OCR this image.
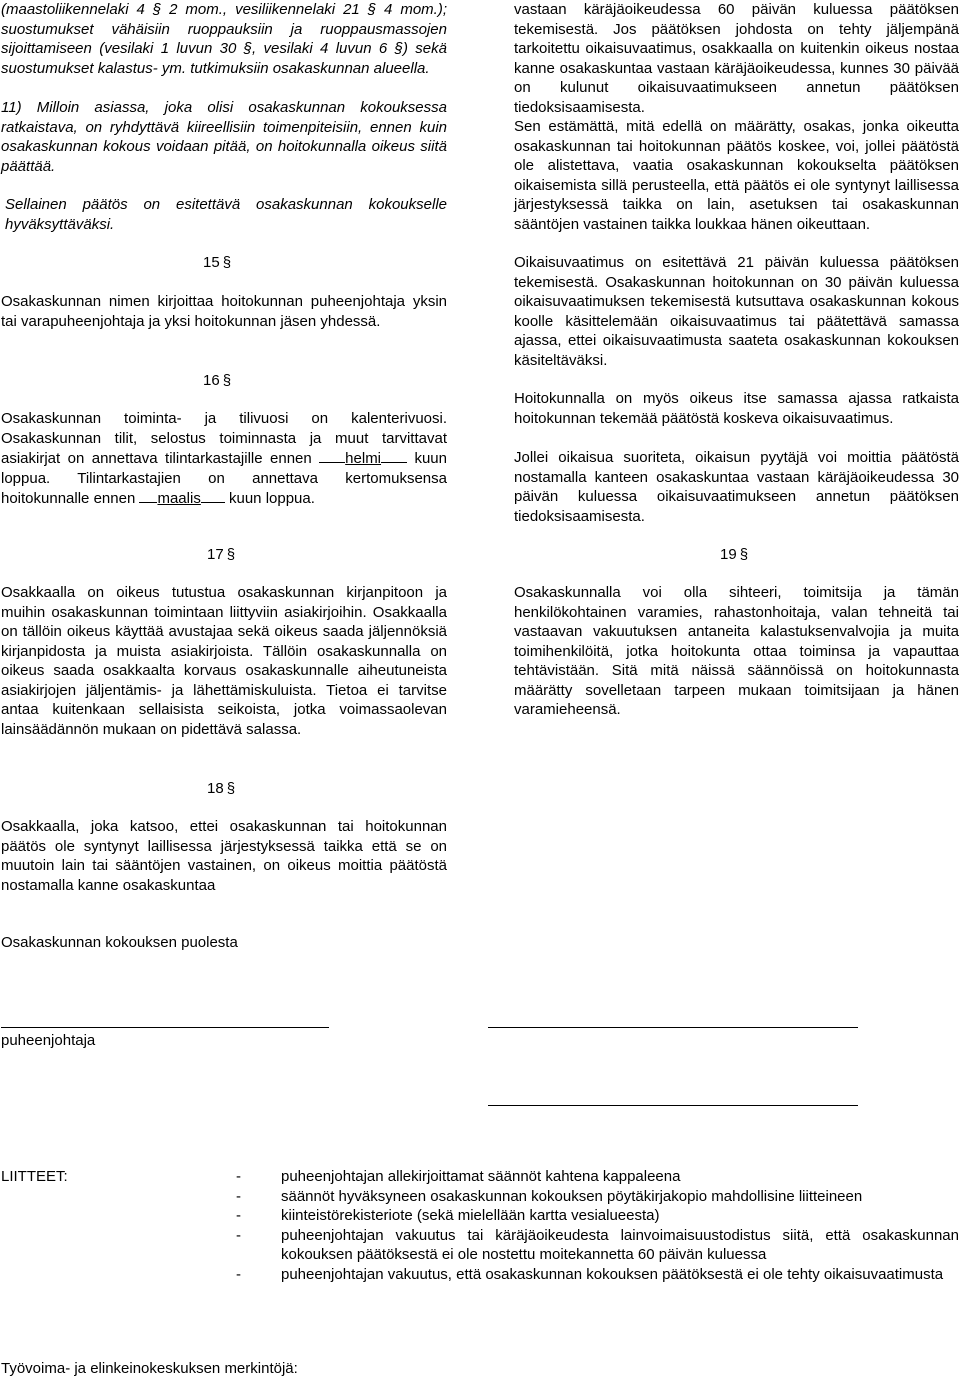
(maastoliikennelaki 4 § 2 mom., vesiliikennelaki 21 § 4 mom.); suostumukset vähäisiin ruoppauksiin ja ruoppausmassojen sijoittamiseen (vesilaki 1 luvun 30 §, vesilaki 4 luvun 6 §) sekä suostumukset kalastus- ym. tutkimuksiin osakaskunnan alueella.

11) Milloin asiassa, joka olisi osakaskunnan kokouksessa ratkaistava, on ryhdyttävä kiireellisiin toimenpiteisiin, ennen kuin osakaskunnan kokous voidaan pitää, on hoitokunnalla oikeus siitä päättää.

Sellainen päätös on esitettävä osakaskunnan kokoukselle hyväksyttäväksi.

15 §

Osakaskunnan nimen kirjoittaa hoitokunnan puheenjohtaja yksin tai varapuheenjohtaja ja yksi hoitokunnan jäsen yhdessä.

16 §

Osakaskunnan toiminta- ja tilivuosi on kalenterivuosi. Osakaskunnan tilit, selostus toiminnasta ja muut tarvittavat asiakirjat on annettava tilintarkastajille ennen helmi kuun loppua. Tilintarkastajien on annettava kertomuksensa hoitokunnalle ennen maalis kuun loppua.

17 §

Osakkaalla on oikeus tutustua osakaskunnan kirjanpitoon ja muihin osakaskunnan toimintaan liittyviin asiakirjoihin. Osakkaalla on tällöin oikeus käyttää avustajaa sekä oikeus saada jäljennöksiä kirjanpidosta ja muista asiakirjoista. Tällöin osakaskunnalla on oikeus saada osakkaalta korvaus osakaskunnalle aiheutuneista asiakirjojen jäljentämis- ja lähettämiskuluista. Tietoa ei tarvitse antaa kuitenkaan sellaisista seikoista, jotka voimassaolevan lainsäädännön mukaan on pidettävä salassa.

18 §

Osakkaalla, joka katsoo, ettei osakaskunnan tai hoitokunnan päätös ole syntynyt laillisessa järjestyksessä taikka että se on muutoin lain tai sääntöjen vastainen, on oikeus moittia päätöstä nostamalla kanne osakaskuntaa

vastaan käräjäoikeudessa 60 päivän kuluessa päätöksen tekemisestä. Jos päätöksen johdosta on tehty jäljempänä tarkoitettu oikaisuvaatimus, osakkaalla on kuitenkin oikeus nostaa kanne osakaskuntaa vastaan käräjäoikeudessa, kunnes 30 päivää on kulunut oikaisuvaatimukseen annetun päätöksen tiedoksisaamisesta.

Sen estämättä, mitä edellä on määrätty, osakas, jonka oikeutta osakaskunnan tai hoitokunnan päätös koskee, voi, jollei päätöstä ole alistettava, vaatia osakaskunnan kokoukselta päätöksen oikaisemista sillä perusteella, että päätös ei ole syntynyt laillisessa järjestyksessä taikka on lain, asetuksen tai osakaskunnan sääntöjen vastainen taikka loukkaa hänen oikeuttaan.

Oikaisuvaatimus on esitettävä 21 päivän kuluessa päätöksen tekemisestä. Osakaskunnan hoitokunnan on 30 päivän kuluessa oikaisuvaatimuksen tekemisestä kutsuttava osakaskunnan kokous koolle käsittelemään oikaisuvaatimus tai päätettävä samassa ajassa, ettei oikaisuvaatimusta saateta osakaskunnan kokouksen käsiteltäväksi.

Hoitokunnalla on myös oikeus itse samassa ajassa ratkaista hoitokunnan tekemää päätöstä koskeva oikaisuvaatimus.

Jollei oikaisua suoriteta, oikaisun pyytäjä voi moittia päätöstä nostamalla kanteen osakaskuntaa vastaan käräjäoikeudessa 30 päivän kuluessa oikaisuvaatimukseen annetun päätöksen tiedoksisaamisesta.

19 §

Osakaskunnalla voi olla sihteeri, toimitsija ja tämän henkilökohtainen varamies, rahastonhoitaja, valan tehneitä tai vastaavan vakuutuksen antaneita kalastuksenvalvojia ja muita toimihenkilöitä, jotka hoitokunta ottaa toiminsa ja vapauttaa tehtävistään. Sitä mitä näissä säännöissä on hoitokunnasta määrätty sovelletaan tarpeen mukaan toimitsijaan ja hänen varamieheensä.

Osakaskunnan kokouksen puolesta
puheenjohtaja
LIITTEET:	-	puheenjohtajan allekirjoittamat säännöt kahtena kappaleena
-	säännöt hyväksyneen osakaskunnan kokouksen pöytäkirjakopio mahdollisine liitteineen
-	kiinteistörekisteriote (sekä mielellään kartta vesialueesta)
-	puheenjohtajan vakuutus tai käräjäoikeudesta lainvoimaisuustodistus siitä, että osakaskunnan kokouksen päätöksestä ei ole nostettu moitekannetta 60 päivän kuluessa
-	puheenjohtajan vakuutus, että osakaskunnan kokouksen päätöksestä ei ole tehty oikaisuvaatimusta
Työvoima- ja elinkeinokeskuksen merkintöjä:
